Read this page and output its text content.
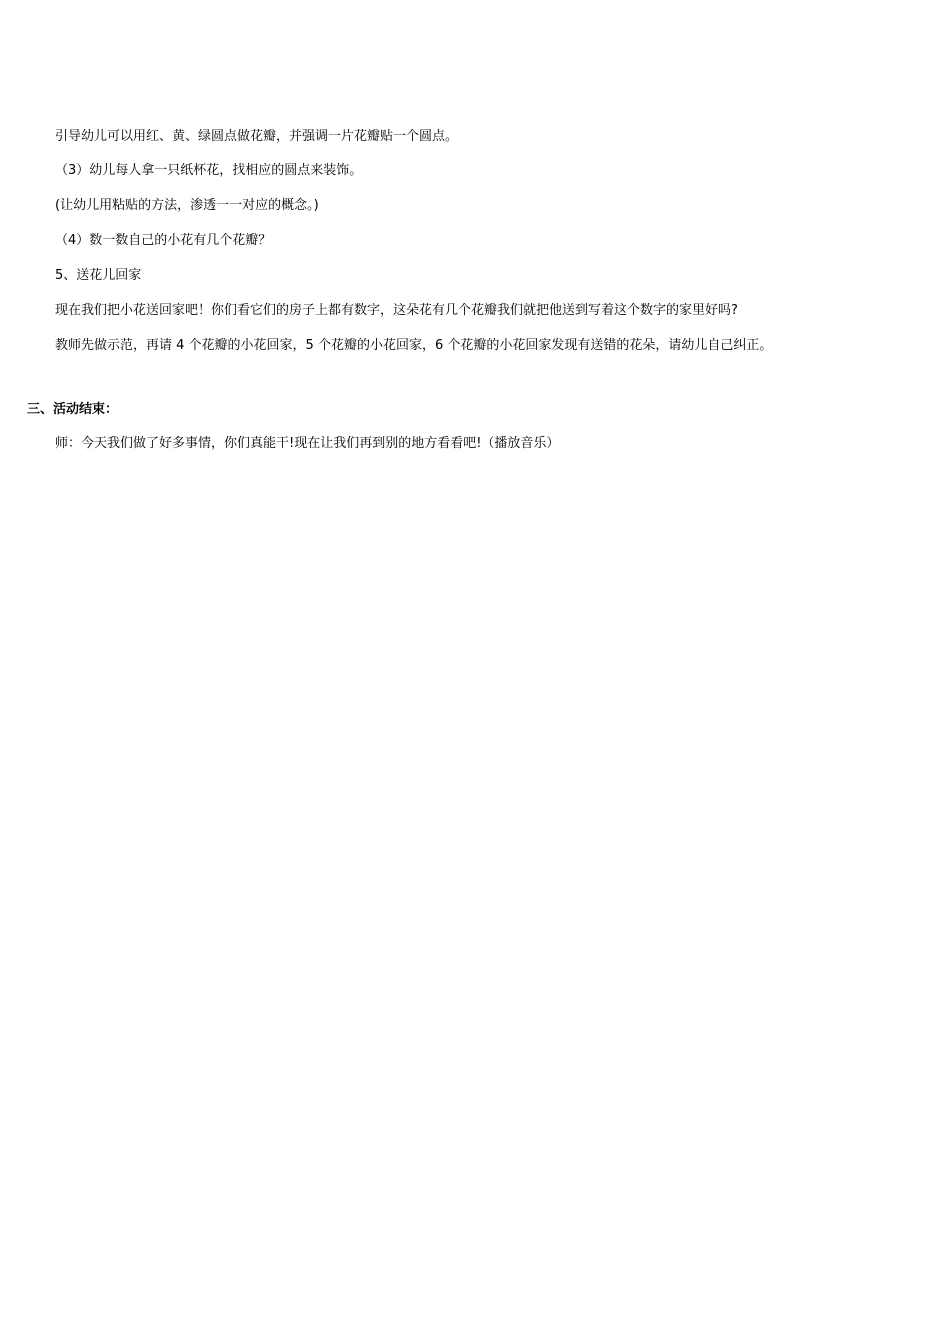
引导幼儿可以用红、黄、绿圆点做花瓣，并强调一片花瓣贴一个圆点。
（3）幼儿每人拿一只纸杯花，找相应的圆点来装饰。
(让幼儿用粘贴的方法，渗透一一对应的概念。)
（4）数一数自己的小花有几个花瓣？
5、送花儿回家
现在我们把小花送回家吧！你们看它们的房子上都有数字，这朵花有几个花瓣我们就把他送到写着这个数字的家里好吗?
教师先做示范，再请 4 个花瓣的小花回家，5 个花瓣的小花回家，6 个花瓣的小花回家发现有送错的花朵，请幼儿自己纠正。
三、活动结束：
师：今天我们做了好多事情，你们真能干!现在让我们再到别的地方看看吧!（播放音乐）
